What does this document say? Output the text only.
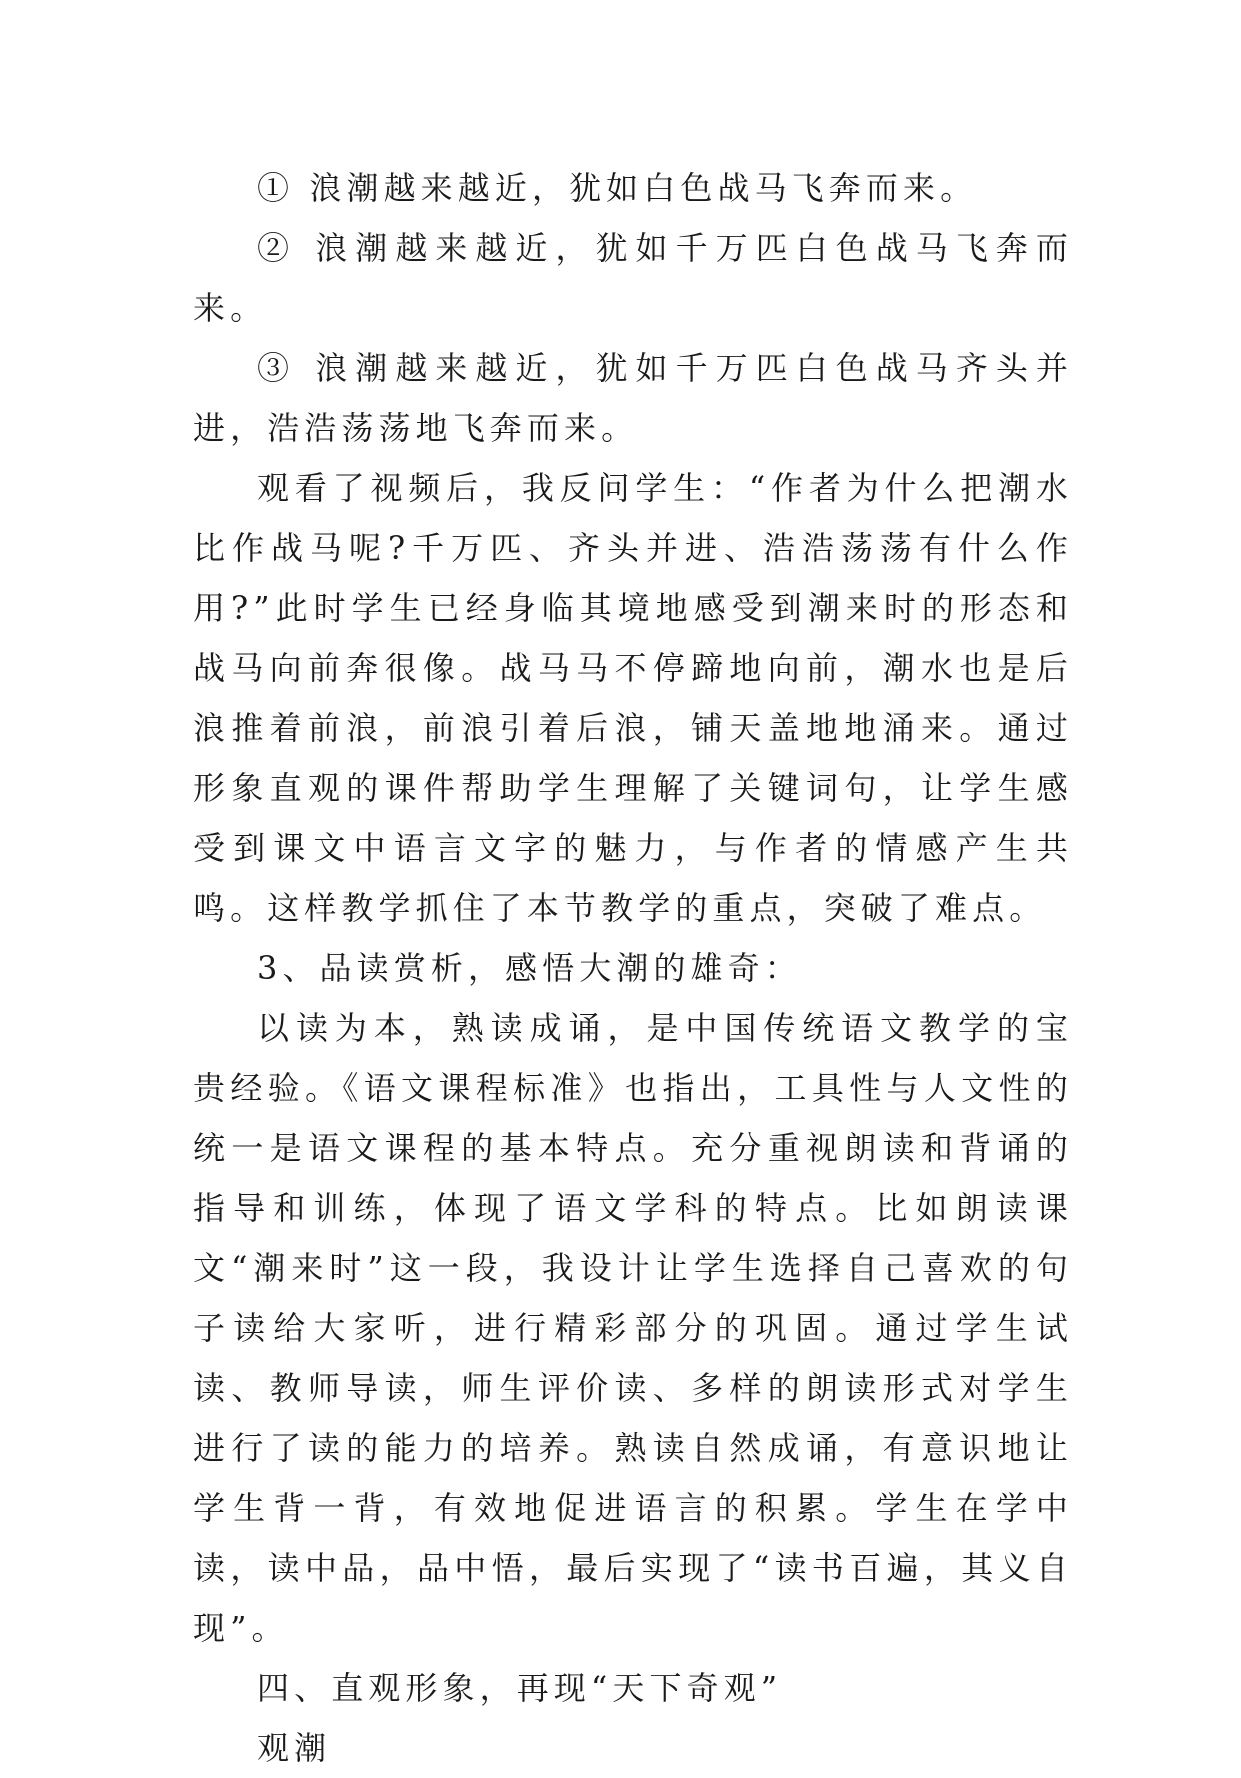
① 浪潮越来越近，犹如白色战马飞奔而来。

② 浪潮越来越近，犹如千万匹白色战马飞奔而来。

③ 浪潮越来越近，犹如千万匹白色战马齐头并进，浩浩荡荡地飞奔而来。

观看了视频后，我反问学生：“作者为什么把潮水比作战马呢?千万匹、齐头并进、浩浩荡荡有什么作用?”此时学生已经身临其境地感受到潮来时的形态和战马向前奔很像。战马马不停蹄地向前，潮水也是后浪推着前浪，前浪引着后浪，铺天盖地地涌来。通过形象直观的课件帮助学生理解了关键词句，让学生感受到课文中语言文字的魅力，与作者的情感产生共鸣。这样教学抓住了本节教学的重点，突破了难点。

3、品读赏析，感悟大潮的雄奇：

以读为本，熟读成诵，是中国传统语文教学的宝贵经验。《语文课程标准》也指出，工具性与人文性的统一是语文课程的基本特点。充分重视朗读和背诵的指导和训练，体现了语文学科的特点。比如朗读课文“潮来时”这一段，我设计让学生选择自己喜欢的句子读给大家听，进行精彩部分的巩固。通过学生试读、教师导读，师生评价读、多样的朗读形式对学生进行了读的能力的培养。熟读自然成诵，有意识地让学生背一背，有效地促进语言的积累。学生在学中读，读中品，品中悟，最后实现了“读书百遍，其义自现”。

四、直观形象，再现“天下奇观”

观潮
